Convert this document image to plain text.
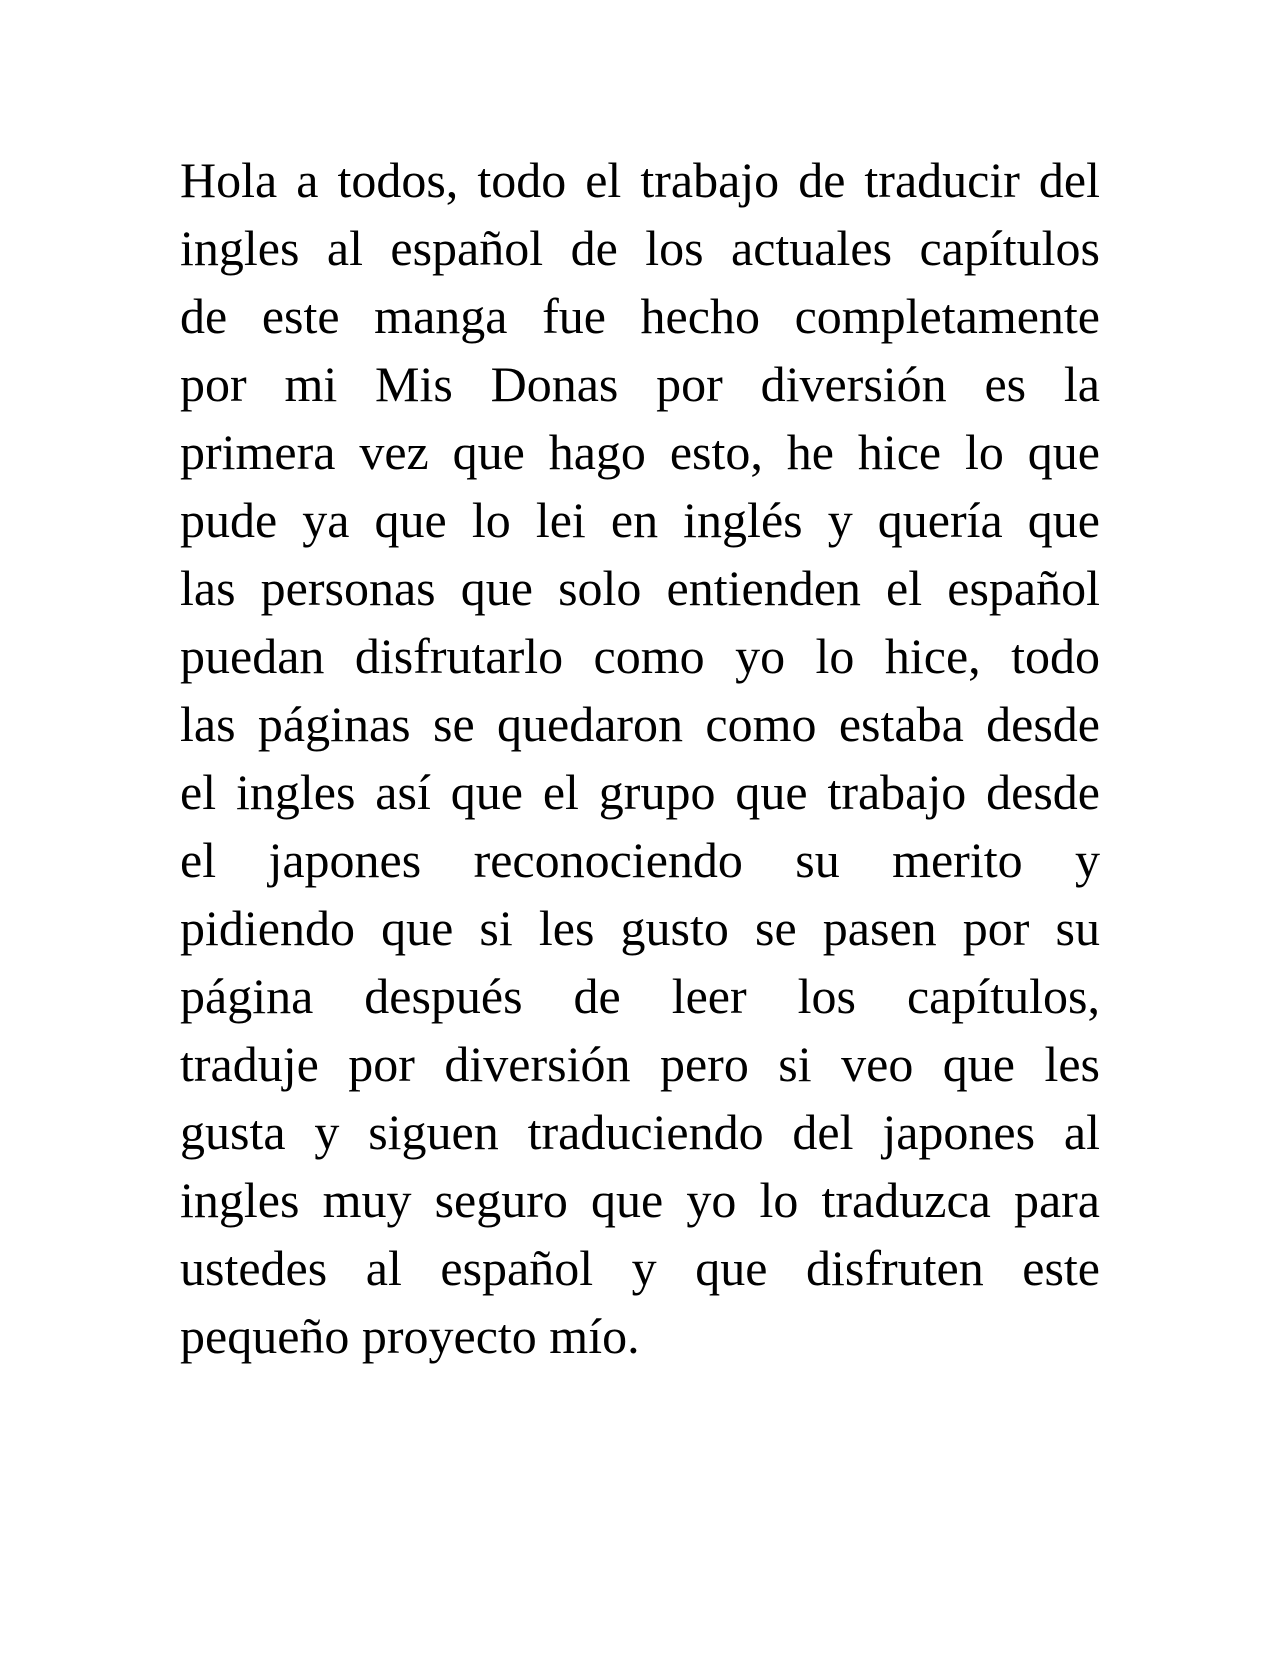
Hola a todos, todo el trabajo de traducir del
ingles al español de los actuales capítulos
de este manga fue hecho completamente
por mi Mis Donas por diversión es la
primera vez que hago esto, he hice lo que
pude ya que lo lei en inglés y quería que
las personas que solo entienden el español
puedan disfrutarlo como yo lo hice, todo
las páginas se quedaron como estaba desde
el ingles así que el grupo que trabajo desde
el japones reconociendo su merito y
pidiendo que si les gusto se pasen por su
página después de leer los capítulos,
traduje por diversión pero si veo que les
gusta y siguen traduciendo del japones al
ingles muy seguro que yo lo traduzca para
ustedes al español y que disfruten este
pequeño proyecto mío.
